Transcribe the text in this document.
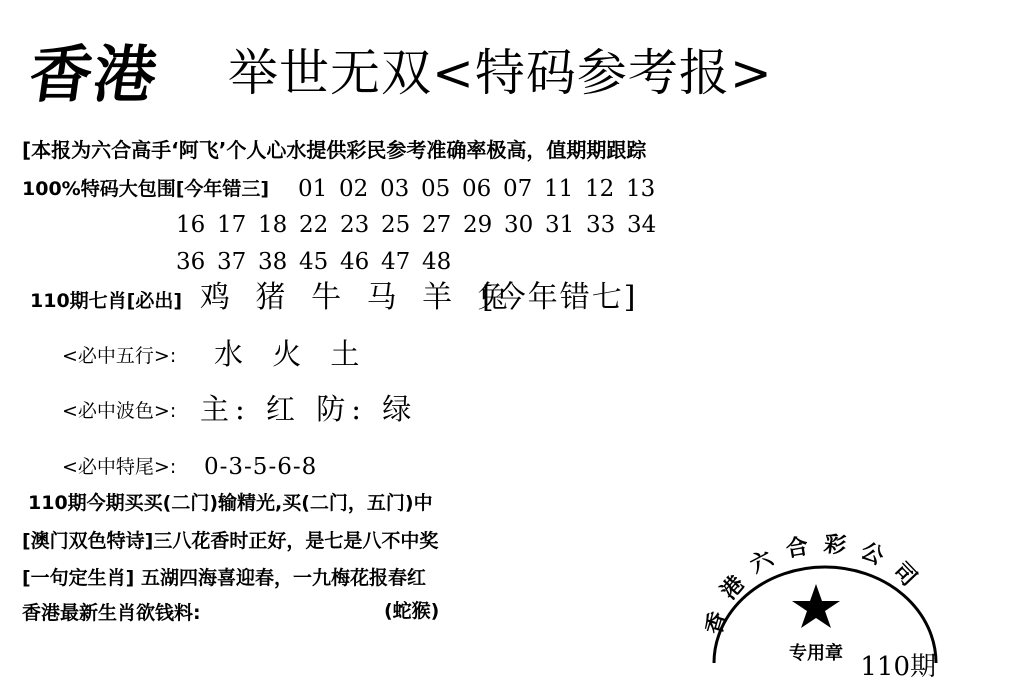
香港 举世无双<特码参考报>
[本报为六合高手‘阿飞’个人心水提供彩民参考准确率极高，值期期跟踪
100%特码大包围[今年错三] 01 02 03 05 06 07 11 12 13
16 17 18 22 23 25 27 29 30 31 33 34
36 37 38 45 46 47 48
110期七肖[必出] 鸡 猪 牛 马 羊 兔
[今年错七]
<必中五行>: 水 火 土
<必中波色>: 主: 红 防: 绿
<必中特尾>: 0-3-5-6-8
110期今期买买(二门)输精光,买(二门，五门)中
[澳门双色特诗]三八花香时正好，是七是八不中奖
[一句定生肖] 五湖四海喜迎春，一九梅花报春红
香港最新生肖欲钱料:	(蛇猴)	香港六合彩公司
专用章 110期
